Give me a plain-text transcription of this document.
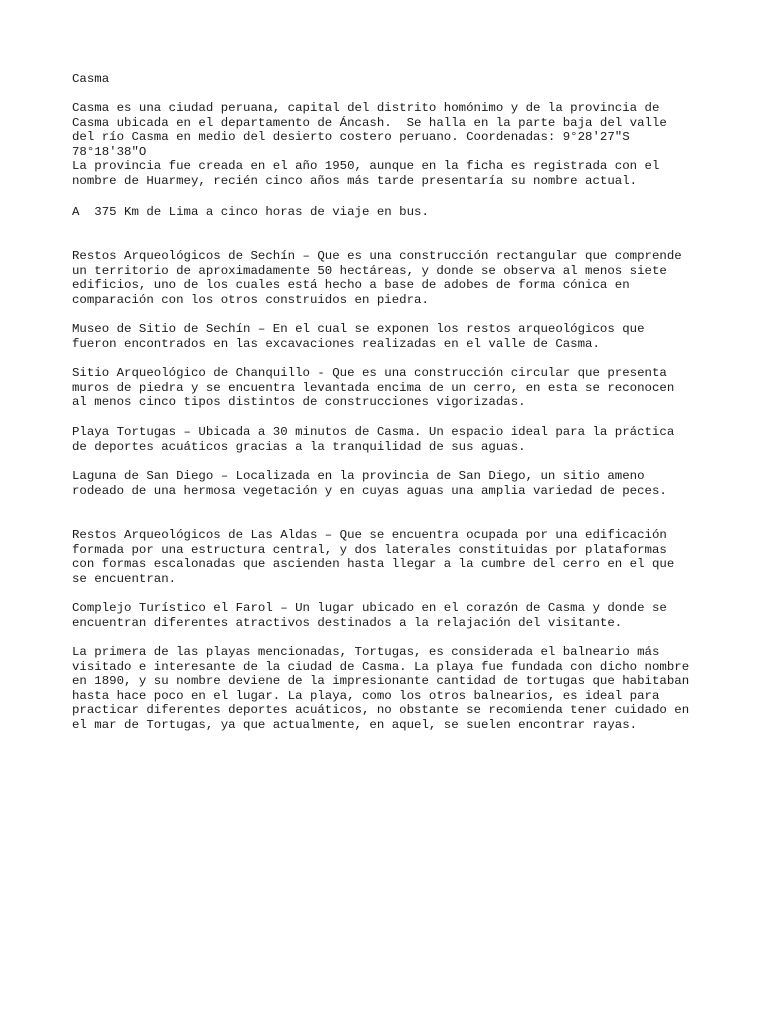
Casma

Casma es una ciudad peruana, capital del distrito homónimo y de la provincia de
Casma ubicada en el departamento de Áncash.  Se halla en la parte baja del valle
del río Casma en medio del desierto costero peruano. Coordenadas: 9°28'27"S
78°18'38"O
La provincia fue creada en el año 1950, aunque en la ficha es registrada con el
nombre de Huarmey, recién cinco años más tarde presentaría su nombre actual.

A  375 Km de Lima a cinco horas de viaje en bus.

Restos Arqueológicos de Sechín – Que es una construcción rectangular que comprende
un territorio de aproximadamente 50 hectáreas, y donde se observa al menos siete
edificios, uno de los cuales está hecho a base de adobes de forma cónica en
comparación con los otros construidos en piedra.

Museo de Sitio de Sechín – En el cual se exponen los restos arqueológicos que
fueron encontrados en las excavaciones realizadas en el valle de Casma.

Sitio Arqueológico de Chanquillo - Que es una construcción circular que presenta
muros de piedra y se encuentra levantada encima de un cerro, en esta se reconocen
al menos cinco tipos distintos de construcciones vigorizadas.

Playa Tortugas – Ubicada a 30 minutos de Casma. Un espacio ideal para la práctica
de deportes acuáticos gracias a la tranquilidad de sus aguas.

Laguna de San Diego – Localizada en la provincia de San Diego, un sitio ameno
rodeado de una hermosa vegetación y en cuyas aguas una amplia variedad de peces.

Restos Arqueológicos de Las Aldas – Que se encuentra ocupada por una edificación
formada por una estructura central, y dos laterales constituidas por plataformas
con formas escalonadas que ascienden hasta llegar a la cumbre del cerro en el que
se encuentran.

Complejo Turístico el Farol – Un lugar ubicado en el corazón de Casma y donde se
encuentran diferentes atractivos destinados a la relajación del visitante.

La primera de las playas mencionadas, Tortugas, es considerada el balneario más
visitado e interesante de la ciudad de Casma. La playa fue fundada con dicho nombre
en 1890, y su nombre deviene de la impresionante cantidad de tortugas que habitaban
hasta hace poco en el lugar. La playa, como los otros balnearios, es ideal para
practicar diferentes deportes acuáticos, no obstante se recomienda tener cuidado en
el mar de Tortugas, ya que actualmente, en aquel, se suelen encontrar rayas.
